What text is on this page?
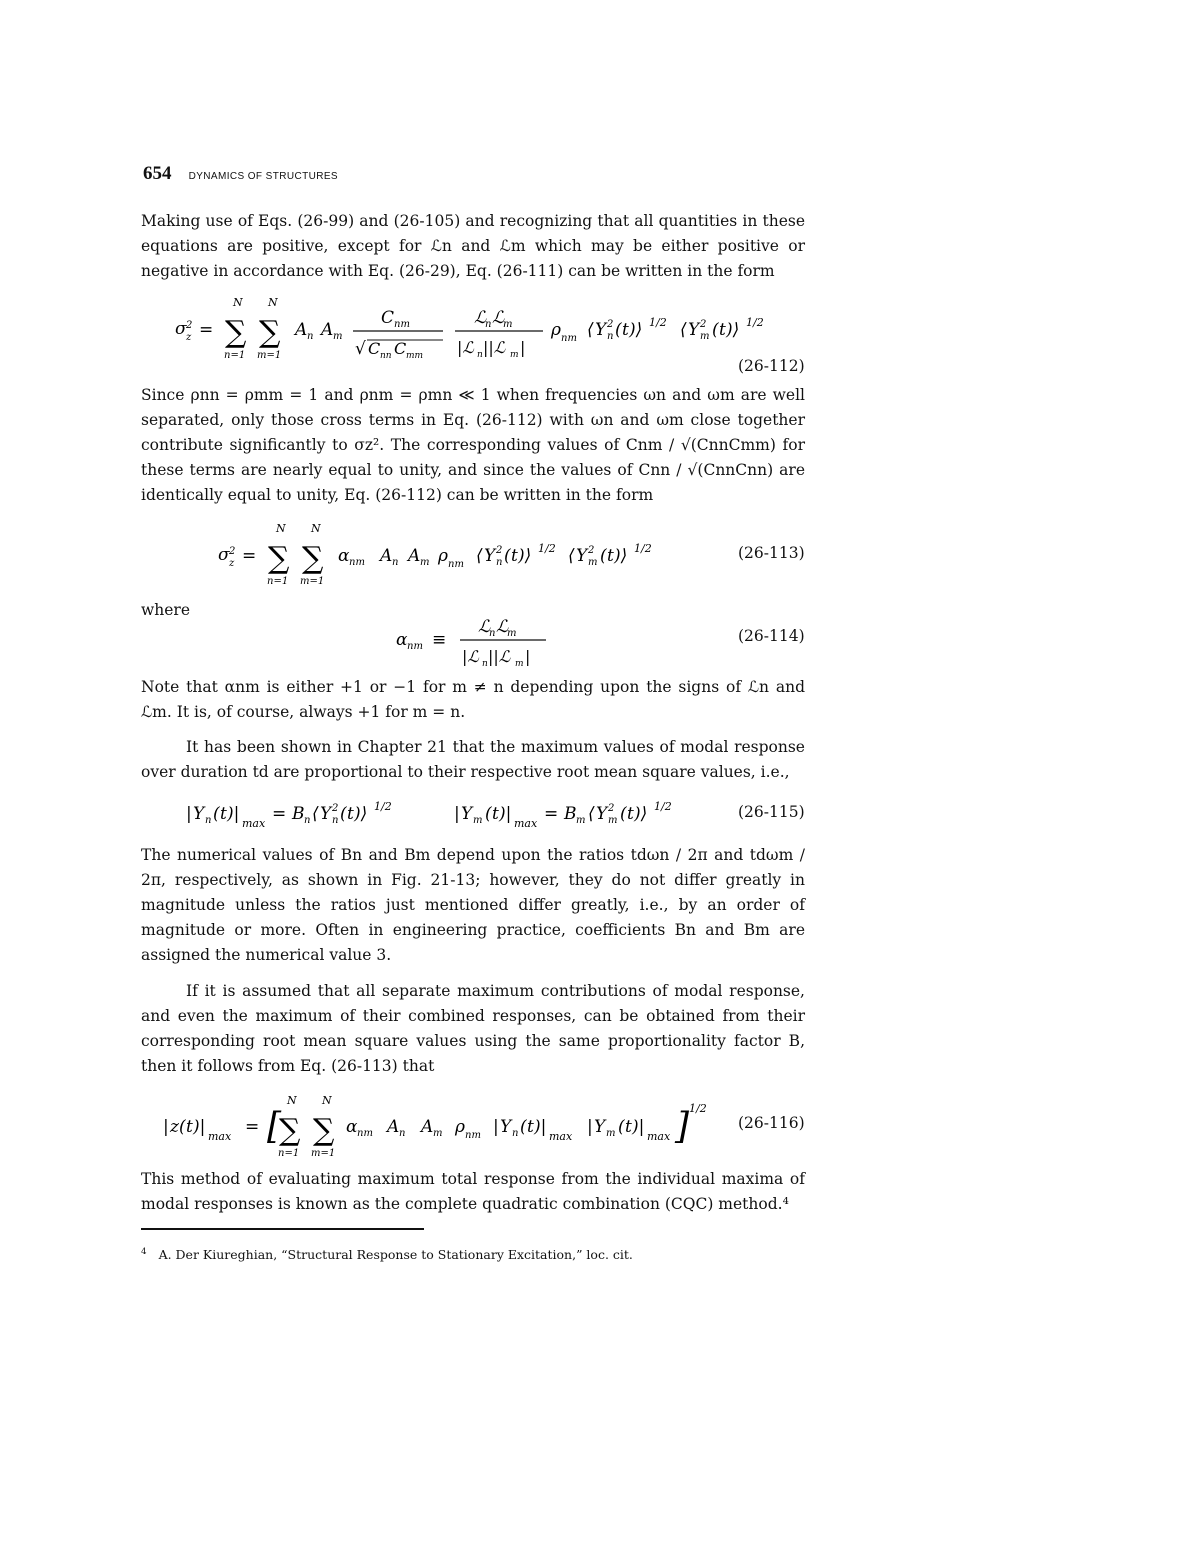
654 DYNAMICS OF STRUCTURES
Making use of Eqs. (26-99) and (26-105) and recognizing that all quantities in these equations are positive, except for ℒn and ℒm which may be either positive or negative in accordance with Eq. (26-29), Eq. (26-111) can be written in the form
σ 2
z =
N
∑
n=1
N
∑
m=1
A n A m
C nm
√ C nn C mm
ℒ
n ℒ
m
|ℒ n ||ℒ m |
ρ nm ⟨ Y 2
n ( t )⟩ 1/2 ⟨ Y 2
m ( t )⟩ 1/2
(26-112)
Since ρnn = ρmm = 1 and ρnm = ρmn ≪ 1 when frequencies ωn and ωm are well separated, only those cross terms in Eq. (26-112) with ωn and ωm close together contribute significantly to σz². The corresponding values of Cnm / √(CnnCmm) for these terms are nearly equal to unity, and since the values of Cnn / √(CnnCnn) are identically equal to unity, Eq. (26-112) can be written in the form
σ 2
z =
N
∑
n=1
N
∑
m=1
α nm A n A m ρ nm ⟨ Y 2
n ( t )⟩ 1/2 ⟨ Y 2
m ( t )⟩ 1/2	(26-113)
where
α nm ≡
ℒ
n ℒ
m
|ℒ n ||ℒ m |
(26-114)
Note that αnm is either +1 or −1 for m ≠ n depending upon the signs of ℒn and ℒm. It is, of course, always +1 for m = n.
It has been shown in Chapter 21 that the maximum values of modal response over duration td are proportional to their respective root mean square values, i.e.,
| Y n ( t )| max = B n ⟨ Y 2
n ( t )⟩ 1/2	| Y m ( t )| max = B m ⟨ Y 2
m ( t )⟩ 1/2	(26-115)
The numerical values of Bn and Bm depend upon the ratios tdωn / 2π and tdωm / 2π, respectively, as shown in Fig. 21-13; however, they do not differ greatly in magnitude unless the ratios just mentioned differ greatly, i.e., by an order of magnitude or more. Often in engineering practice, coefficients Bn and Bm are assigned the numerical value 3.
If it is assumed that all separate maximum contributions of modal response, and even the maximum of their combined responses, can be obtained from their corresponding root mean square values using the same proportionality factor B, then it follows from Eq. (26-113) that
| z ( t )| max = [
N
∑
n=1
N
∑
m=1
α nm A n A m ρ nm | Y n ( t )| max | Y m ( t )| max ] 1/2
(26-116)
This method of evaluating maximum total response from the individual maxima of modal responses is known as the complete quadratic combination (CQC) method.⁴
$^4$ A. Der Kiureghian, “Structural Response to Stationary Excitation,” loc. cit.
